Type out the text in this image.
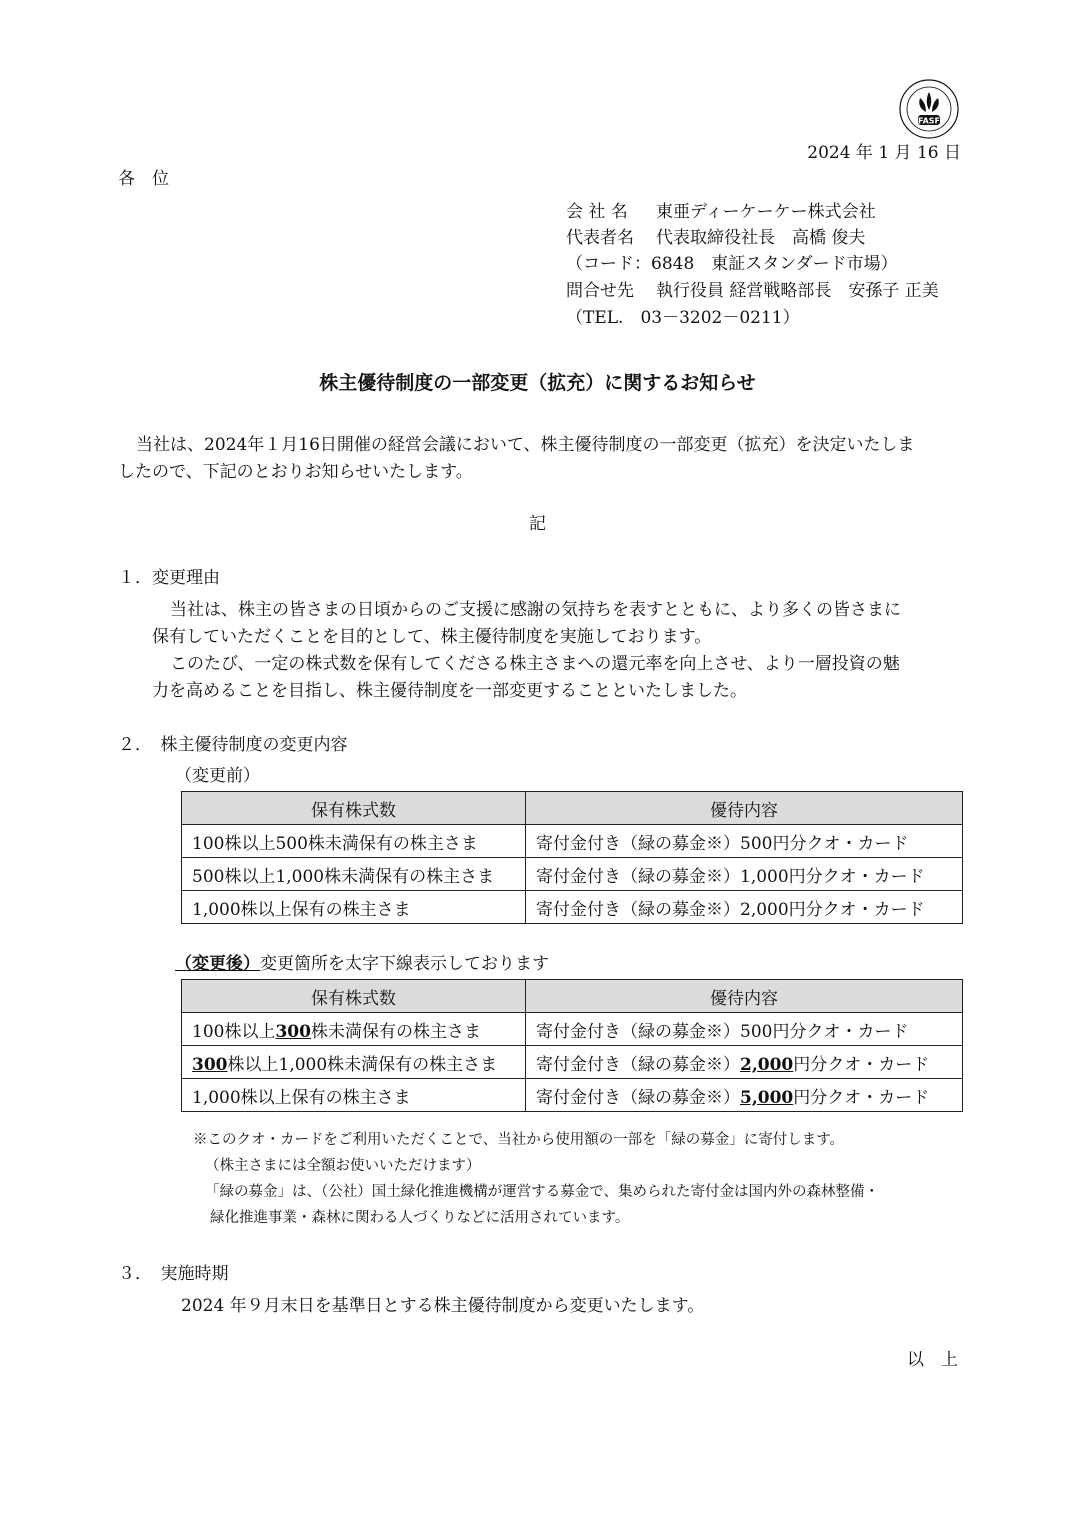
FASF
2024 年 1 月 16 日
各　位
会 社 名 東亜ディーケーケー株式会社
代表者名 代表取締役社長　高橋 俊夫
（コード：6848　東証スタンダード市場）
問合せ先 執行役員 経営戦略部長　安孫子 正美
（TEL.　03－3202－0211）
株主優待制度の一部変更（拡充）に関するお知らせ
当社は、2024年１月16日開催の経営会議において、株主優待制度の一部変更（拡充）を決定いたしま
したので、下記のとおりお知らせいたします。
記
１．変更理由
当社は、株主の皆さまの日頃からのご支援に感謝の気持ちを表すとともに、より多くの皆さまに
保有していただくことを目的として、株主優待制度を実施しております。
このたび、一定の株式数を保有してくださる株主さまへの還元率を向上させ、より一層投資の魅
力を高めることを目指し、株主優待制度を一部変更することといたしました。
２．　株主優待制度の変更内容
（変更前）
保有株式数	優待内容
100株以上500株未満保有の株主さま	寄付金付き（緑の募金※）500円分クオ・カード
500株以上1,000株未満保有の株主さま	寄付金付き（緑の募金※）1,000円分クオ・カード
1,000株以上保有の株主さま	寄付金付き（緑の募金※）2,000円分クオ・カード
（変更後）変更箇所を太字下線表示しております
保有株式数	優待内容
100株以上300株未満保有の株主さま	寄付金付き（緑の募金※）500円分クオ・カード
300株以上1,000株未満保有の株主さま	寄付金付き（緑の募金※）2,000円分クオ・カード
1,000株以上保有の株主さま	寄付金付き（緑の募金※）5,000円分クオ・カード
※このクオ・カードをご利用いただくことで、当社から使用額の一部を「緑の募金」に寄付します。
（株主さまには全額お使いいただけます）
「緑の募金」は、（公社）国土緑化推進機構が運営する募金で、集められた寄付金は国内外の森林整備・
緑化推進事業・森林に関わる人づくりなどに活用されています。
３．　実施時期
2024 年９月末日を基準日とする株主優待制度から変更いたします。
以　上
